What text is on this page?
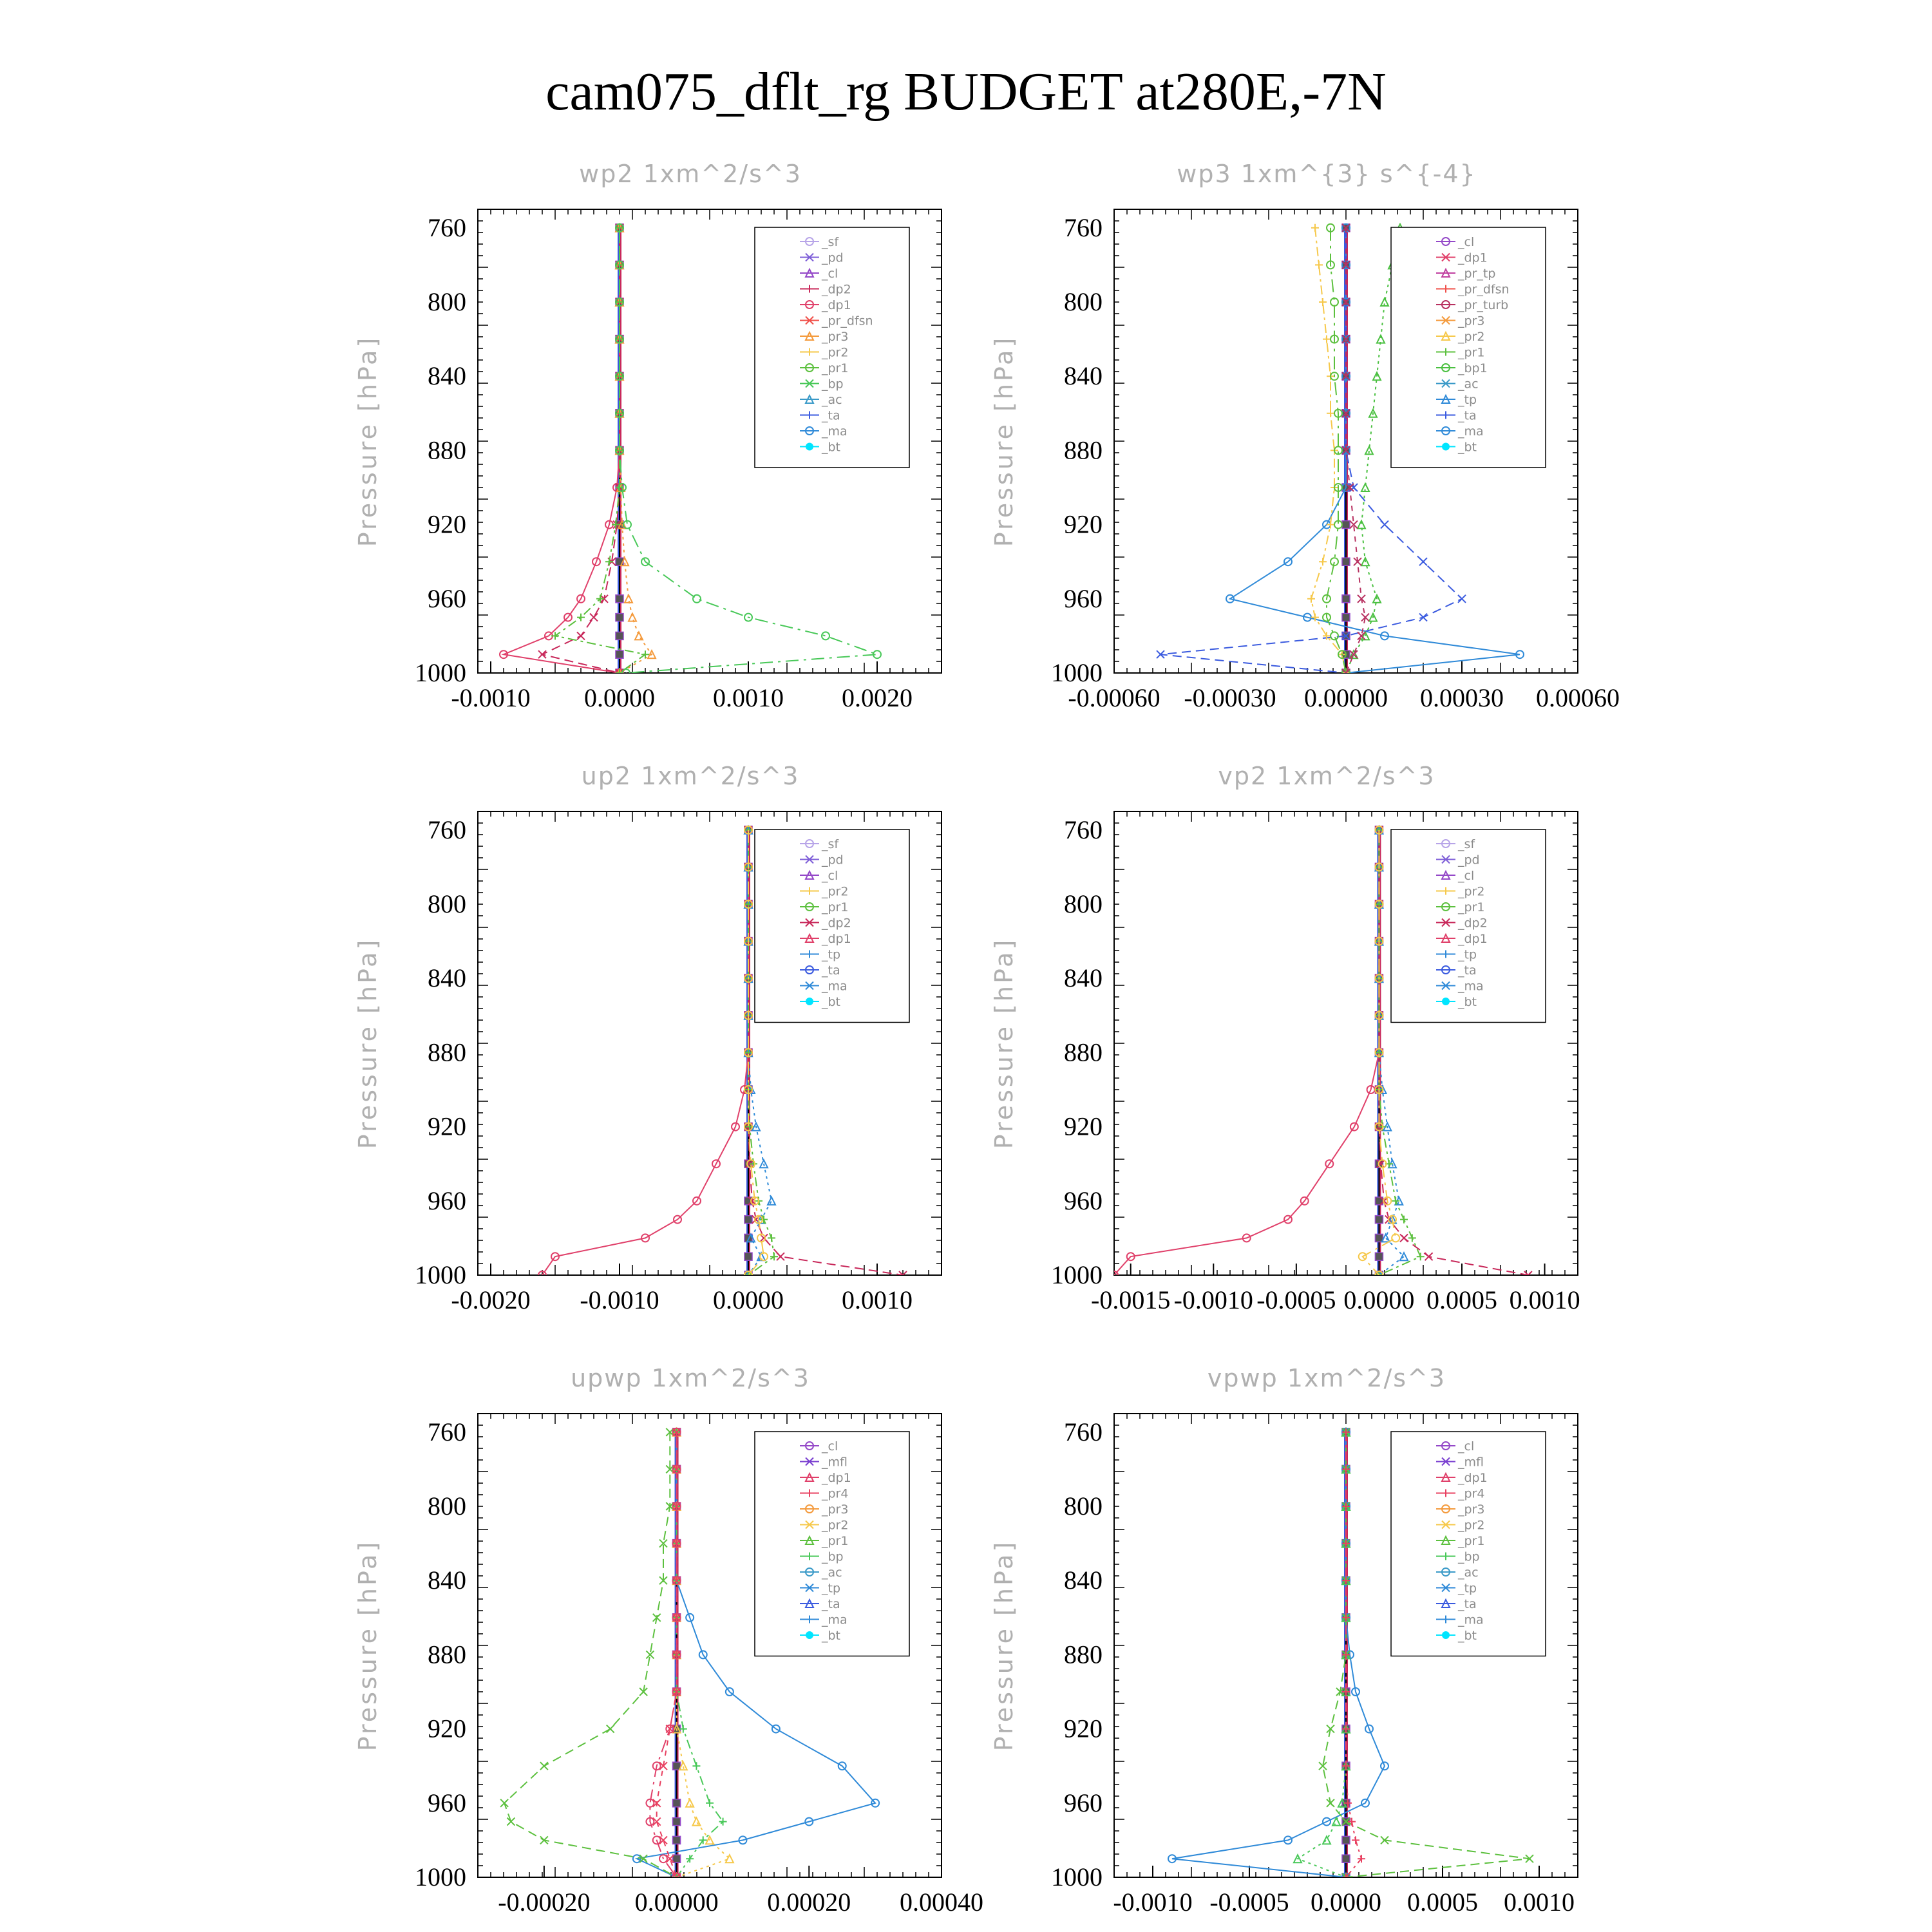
cam075_dflt_rg BUDGET at280E,-7N
760
800
840
880
920
960
1000
-0.0010 0.0000 0.0010 0.0020
wp2 1xm^2/s^3
Pressure [hPa]
_sf
_pd
_cl
_dp2
_dp1
_pr_dfsn
_pr3
_pr2
_pr1
_bp
_ac
_ta
_ma
_bt
760
800
840
880
920
960
1000
-0.00060 -0.00030 0.00000 0.00030 0.00060
wp3 1xm^{3} s^{-4}
Pressure [hPa]
_cl
_dp1
_pr_tp
_pr_dfsn
_pr_turb
_pr3
_pr2
_pr1
_bp1
_ac
_tp
_ta
_ma
_bt
760
800
840
880
920
960
1000
-0.0020 -0.0010 0.0000 0.0010
up2 1xm^2/s^3
Pressure [hPa]
_sf
_pd
_cl
_pr2
_pr1
_dp2
_dp1
_tp
_ta
_ma
_bt
760
800
840
880
920
960
1000
-0.0015 -0.0010 -0.0005 0.0000 0.0005 0.0010
vp2 1xm^2/s^3
Pressure [hPa]
_sf
_pd
_cl
_pr2
_pr1
_dp2
_dp1
_tp
_ta
_ma
_bt
760
800
840
880
920
960
1000
-0.00020 0.00000 0.00020 0.00040
upwp 1xm^2/s^3
Pressure [hPa]
_cl
_mfl
_dp1
_pr4
_pr3
_pr2
_pr1
_bp
_ac
_tp
_ta
_ma
_bt
760
800
840
880
920
960
1000
-0.0010 -0.0005 0.0000 0.0005 0.0010
vpwp 1xm^2/s^3
Pressure [hPa]
_cl
_mfl
_dp1
_pr4
_pr3
_pr2
_pr1
_bp
_ac
_tp
_ta
_ma
_bt
